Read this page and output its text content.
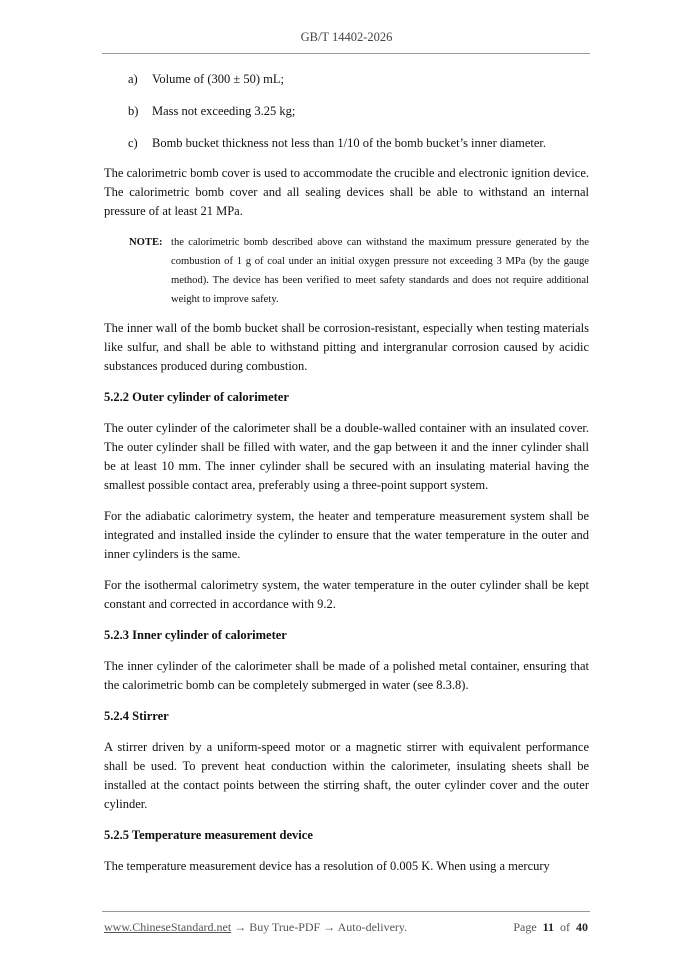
GB/T 14402-2026
a) Volume of (300 ± 50) mL;
b) Mass not exceeding 3.25 kg;
c) Bomb bucket thickness not less than 1/10 of the bomb bucket’s inner diameter.

The calorimetric bomb cover is used to accommodate the crucible and electronic ignition device. The calorimetric bomb cover and all sealing devices shall be able to withstand an internal pressure of at least 21 MPa.

NOTE: the calorimetric bomb described above can withstand the maximum pressure generated by the combustion of 1 g of coal under an initial oxygen pressure not exceeding 3 MPa (by the gauge method). The device has been verified to meet safety standards and does not require additional weight to improve safety.

The inner wall of the bomb bucket shall be corrosion-resistant, especially when testing materials like sulfur, and shall be able to withstand pitting and intergranular corrosion caused by acidic substances produced during combustion.

5.2.2 Outer cylinder of calorimeter

The outer cylinder of the calorimeter shall be a double-walled container with an insulated cover. The outer cylinder shall be filled with water, and the gap between it and the inner cylinder shall be at least 10 mm. The inner cylinder shall be secured with an insulating material having the smallest possible contact area, preferably using a three-point support system.

For the adiabatic calorimetry system, the heater and temperature measurement system shall be integrated and installed inside the cylinder to ensure that the water temperature in the outer and inner cylinders is the same.

For the isothermal calorimetry system, the water temperature in the outer cylinder shall be kept constant and corrected in accordance with 9.2.

5.2.3 Inner cylinder of calorimeter

The inner cylinder of the calorimeter shall be made of a polished metal container, ensuring that the calorimetric bomb can be completely submerged in water (see 8.3.8).

5.2.4 Stirrer

A stirrer driven by a uniform-speed motor or a magnetic stirrer with equivalent performance shall be used. To prevent heat conduction within the calorimeter, insulating sheets shall be installed at the contact points between the stirring shaft, the outer cylinder cover and the outer cylinder.

5.2.5 Temperature measurement device

The temperature measurement device has a resolution of 0.005 K. When using a mercury

www.ChineseStandard.net → Buy True-PDF → Auto-delivery.	Page 11 of 40
